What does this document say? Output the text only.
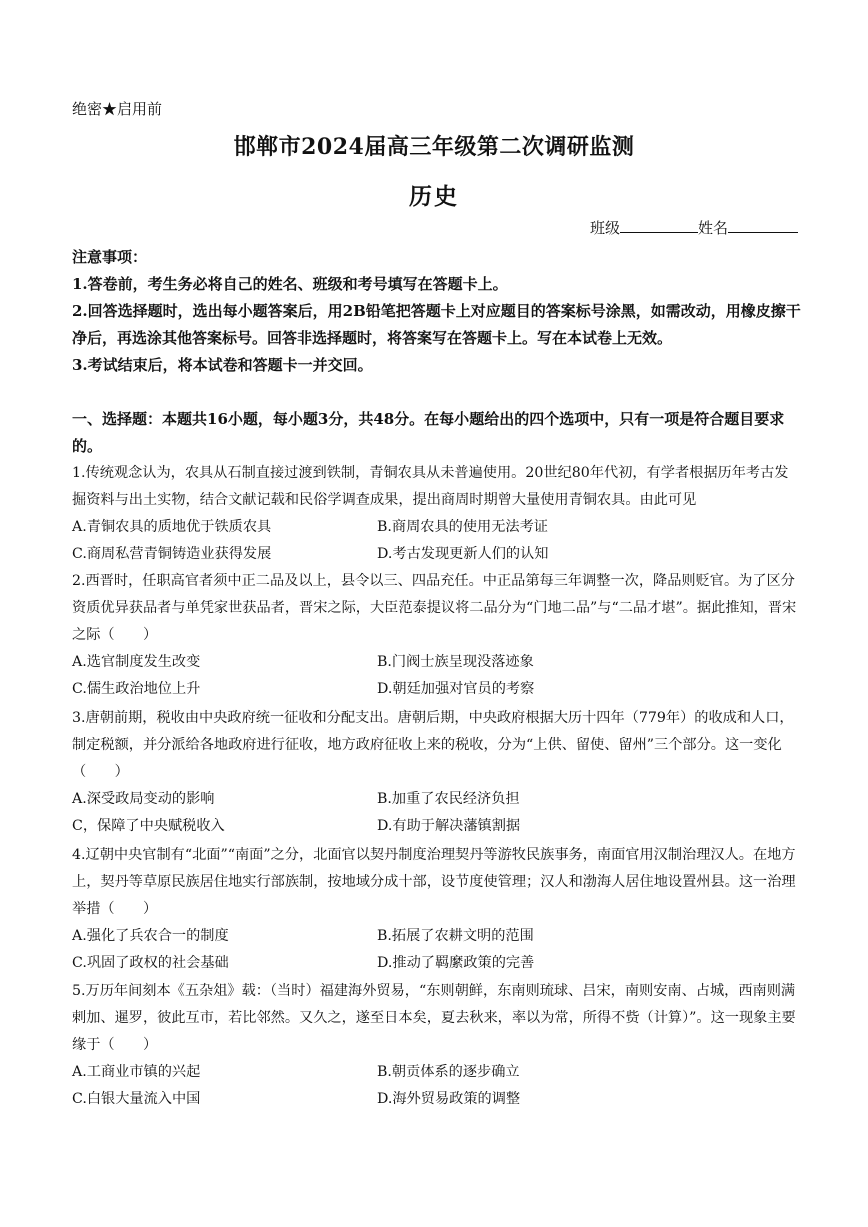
绝密★启用前
邯郸市2024届高三年级第二次调研监测
历史
班级	姓名

注意事项：

1.答卷前，考生务必将自己的姓名、班级和考号填写在答题卡上。

2.回答选择题时，选出每小题答案后，用2B铅笔把答题卡上对应题目的答案标号涂黑，如需改动，用橡皮擦干净后，再选涂其他答案标号。回答非选择题时，将答案写在答题卡上。写在本试卷上无效。

3.考试结束后，将本试卷和答题卡一并交回。

一、选择题：本题共16小题，每小题3分，共48分。在每小题给出的四个选项中，只有一项是符合题目要求的。

1.传统观念认为，农具从石制直接过渡到铁制，青铜农具从未普遍使用。20世纪80年代初，有学者根据历年考古发掘资料与出土实物，结合文献记载和民俗学调查成果，提出商周时期曾大量使用青铜农具。由此可见

A.青铜农具的质地优于铁质农具	B.商周农具的使用无法考证
C.商周私营青铜铸造业获得发展	D.考古发现更新人们的认知

2.西晋时，任职高官者须中正二品及以上，县令以三、四品充任。中正品第每三年调整一次，降品则贬官。为了区分资质优异获品者与单凭家世获品者，晋宋之际，大臣范泰提议将二品分为“门地二品”与“二品才堪”。据此推知，晋宋之际（　　）

A.选官制度发生改变	B.门阀士族呈现没落迹象
C.儒生政治地位上升	D.朝廷加强对官员的考察

3.唐朝前期，税收由中央政府统一征收和分配支出。唐朝后期，中央政府根据大历十四年（779年）的收成和人口，制定税额，并分派给各地政府进行征收，地方政府征收上来的税收，分为“上供、留使、留州”三个部分。这一变化（　　）

A.深受政局变动的影响	B.加重了农民经济负担
C，保障了中央赋税收入	D.有助于解决藩镇割据

4.辽朝中央官制有“北面”“南面”之分，北面官以契丹制度治理契丹等游牧民族事务，南面官用汉制治理汉人。在地方上，契丹等草原民族居住地实行部族制，按地域分成十部，设节度使管理；汉人和渤海人居住地设置州县。这一治理举措（　　）

A.强化了兵农合一的制度	B.拓展了农耕文明的范围
C.巩固了政权的社会基础	D.推动了羁縻政策的完善

5.万历年间刻本《五杂俎》载：（当时）福建海外贸易，“东则朝鲜，东南则琉球、吕宋，南则安南、占城，西南则满剌加、暹罗，彼此互市，若比邻然。又久之，遂至日本矣，夏去秋来，率以为常，所得不赀（计算）”。这一现象主要缘于（　　）

A.工商业市镇的兴起	B.朝贡体系的逐步确立
C.白银大量流入中国	D.海外贸易政策的调整
